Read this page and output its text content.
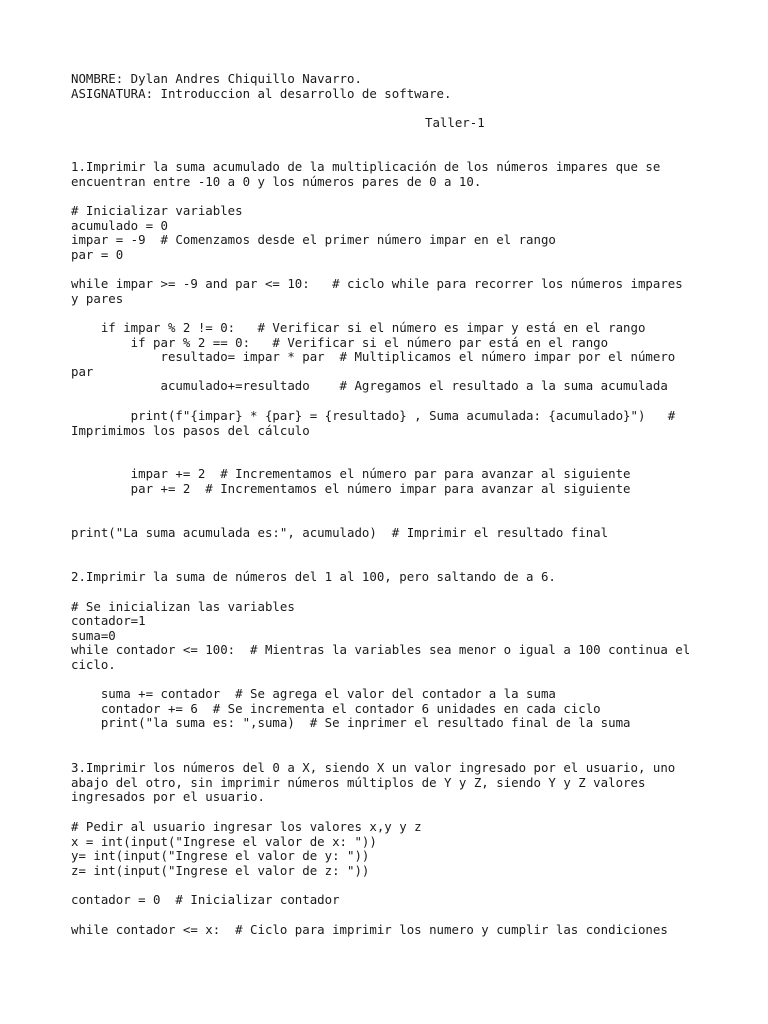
NOMBRE: Dylan Andres Chiquillo Navarro.

ASIGNATURA: Introduccion al desarrollo de software.

Taller-1

1.Imprimir la suma acumulado de la multiplicación de los números impares que se

encuentran entre -10 a 0 y los números pares de 0 a 10.

# Inicializar variables

acumulado = 0

impar = -9  # Comenzamos desde el primer número impar en el rango

par = 0

while impar >= -9 and par <= 10:   # ciclo while para recorrer los números impares

y pares

if impar % 2 != 0:   # Verificar si el número es impar y está en el rango

if par % 2 == 0:   # Verificar si el número par está en el rango

resultado= impar * par  # Multiplicamos el número impar por el número

par

acumulado+=resultado    # Agregamos el resultado a la suma acumulada

print(f"{impar} * {par} = {resultado} , Suma acumulada: {acumulado}")   #

Imprimimos los pasos del cálculo

impar += 2  # Incrementamos el número par para avanzar al siguiente

par += 2  # Incrementamos el número impar para avanzar al siguiente

print("La suma acumulada es:", acumulado)  # Imprimir el resultado final

2.Imprimir la suma de números del 1 al 100, pero saltando de a 6.

# Se inicializan las variables

contador=1

suma=0

while contador <= 100:  # Mientras la variables sea menor o igual a 100 continua el

ciclo.

suma += contador  # Se agrega el valor del contador a la suma

contador += 6  # Se incrementa el contador 6 unidades en cada ciclo

print("la suma es: ",suma)  # Se inprimer el resultado final de la suma

3.Imprimir los números del 0 a X, siendo X un valor ingresado por el usuario, uno

abajo del otro, sin imprimir números múltiplos de Y y Z, siendo Y y Z valores

ingresados por el usuario.

# Pedir al usuario ingresar los valores x,y y z

x = int(input("Ingrese el valor de x: "))

y= int(input("Ingrese el valor de y: "))

z= int(input("Ingrese el valor de z: "))

contador = 0  # Inicializar contador

while contador <= x:  # Ciclo para imprimir los numero y cumplir las condiciones
